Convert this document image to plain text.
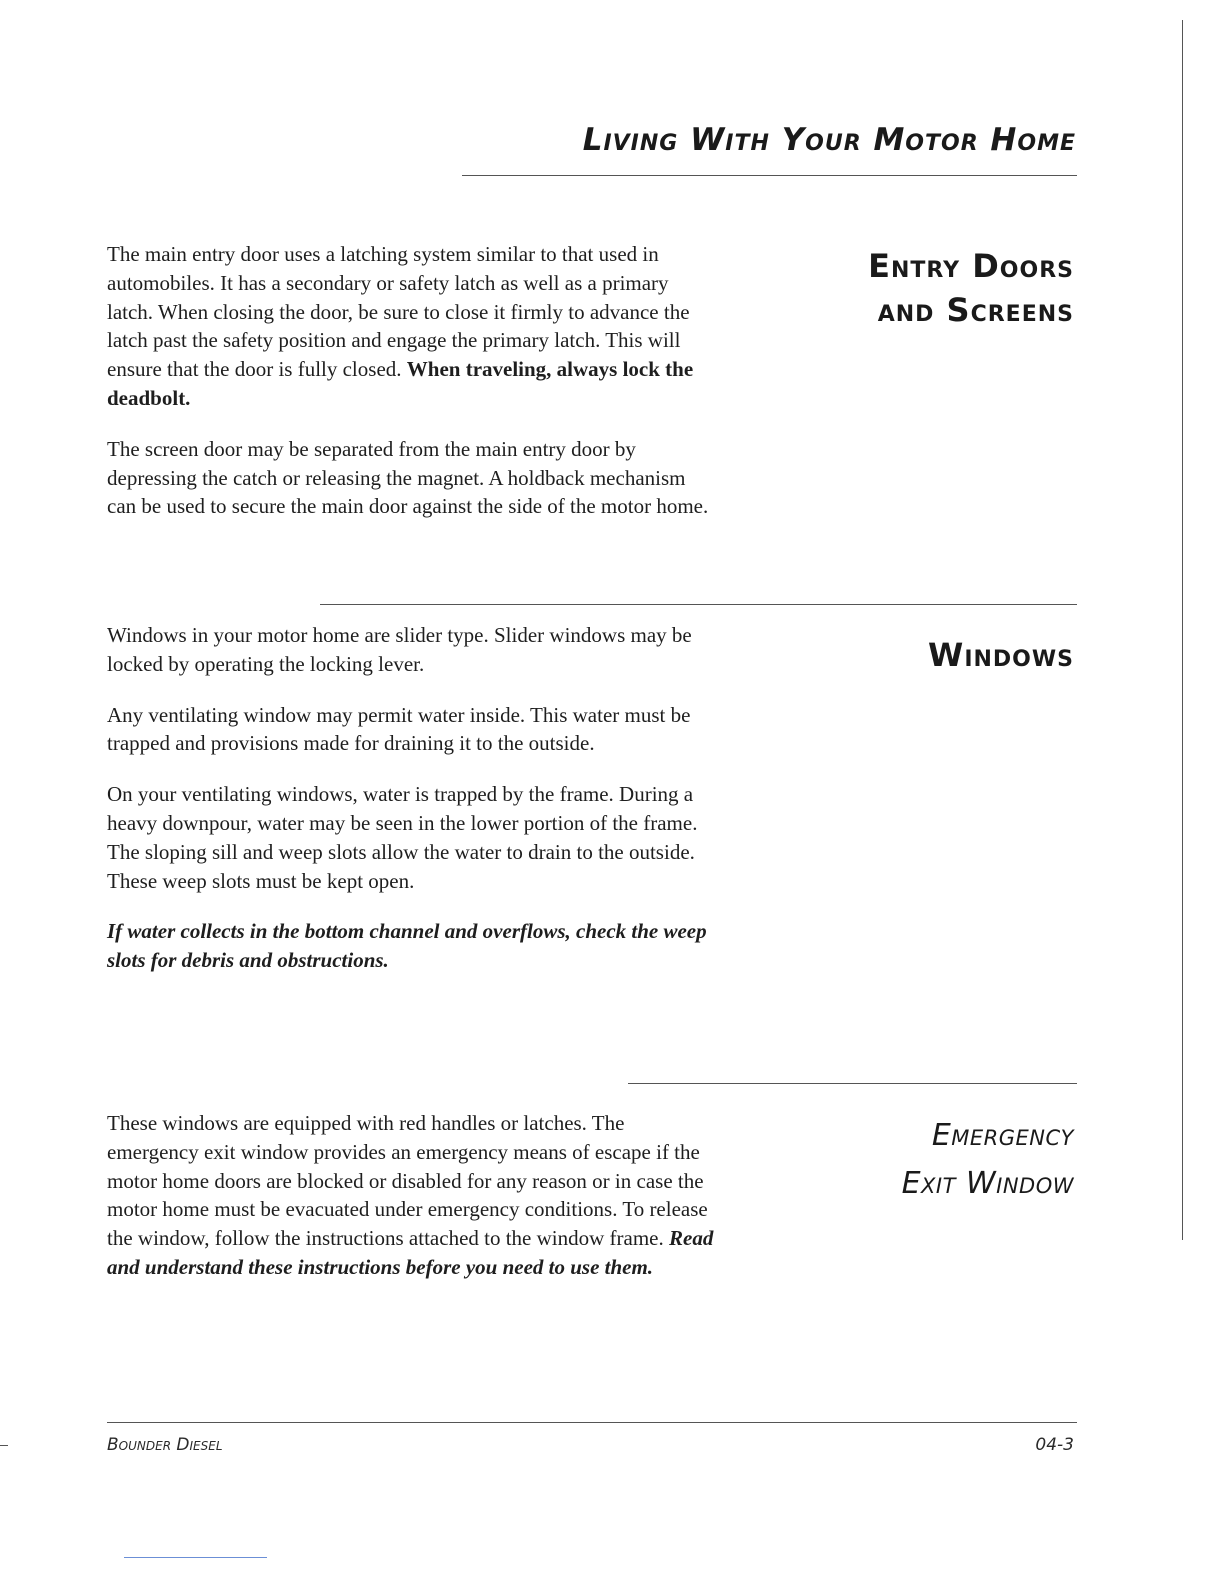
Living With Your Motor Home
Entry Doors
and Screens

The main entry door uses a latching system similar to that used in automobiles. It has a secondary or safety latch as well as a primary latch. When closing the door, be sure to close it firmly to advance the latch past the safety position and engage the primary latch. This will ensure that the door is fully closed. When traveling, always lock the deadbolt.

The screen door may be separated from the main entry door by depressing the catch or releasing the magnet. A holdback mechanism can be used to secure the main door against the side of the motor home.

Windows

Windows in your motor home are slider type. Slider windows may be locked by operating the locking lever.

Any ventilating window may permit water inside. This water must be trapped and provisions made for draining it to the outside.

On your ventilating windows, water is trapped by the frame. During a heavy downpour, water may be seen in the lower portion of the frame. The sloping sill and weep slots allow the water to drain to the outside. These weep slots must be kept open.

If water collects in the bottom channel and overflows, check the weep slots for debris and obstructions.

Emergency
Exit Window

These windows are equipped with red handles or latches. The emergency exit window provides an emergency means of escape if the motor home doors are blocked or disabled for any reason or in case the motor home must be evacuated under emergency conditions. To release the window, follow the instructions attached to the window frame. Read and understand these instructions before you need to use them.

Bounder Diesel	04-3
